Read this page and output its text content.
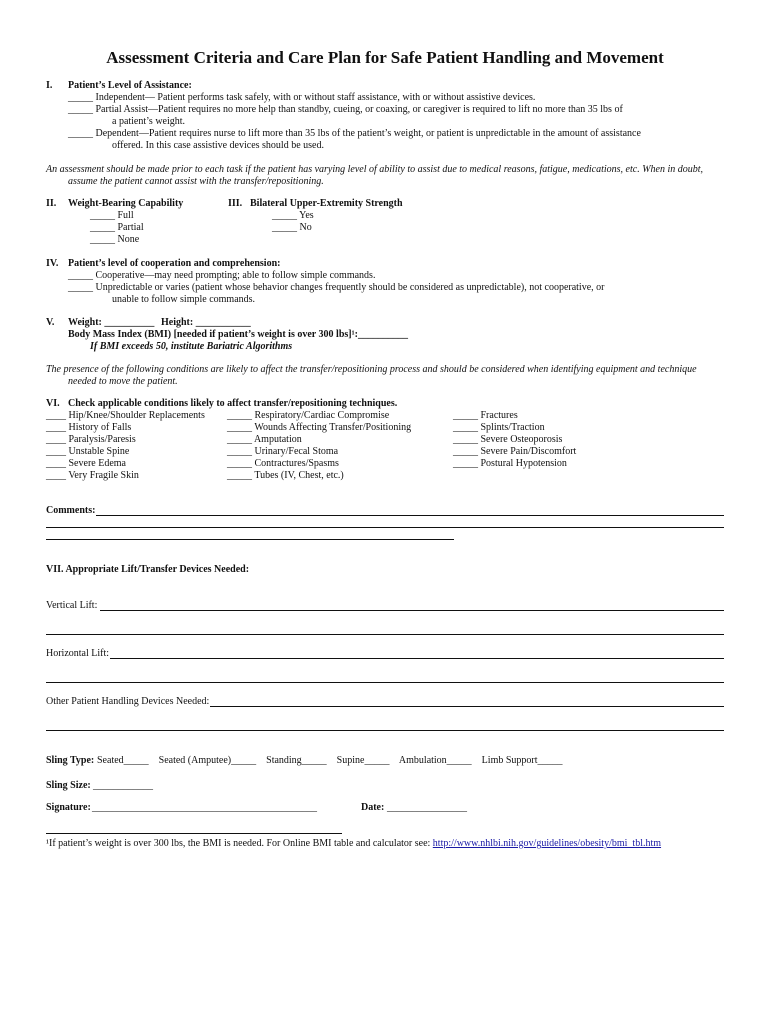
Assessment Criteria and Care Plan for Safe Patient Handling and Movement
I. Patient’s Level of Assistance:
_____ Independent— Patient performs task safely, with or without staff assistance, with or without assistive devices.
_____ Partial Assist—Patient requires no more help than standby, cueing, or coaxing, or caregiver is required to lift no more than 35 lbs of
a patient’s weight.
_____ Dependent—Patient requires nurse to lift more than 35 lbs of the patient’s weight, or patient is unpredictable in the amount of assistance
offered. In this case assistive devices should be used.
An assessment should be made prior to each task if the patient has varying level of ability to assist due to medical reasons, fatigue, medications, etc. When in doubt,
assume the patient cannot assist with the transfer/repositioning.
II. Weight-Bearing Capability
_____ Full
_____ Partial
_____ None
III. Bilateral Upper-Extremity Strength
_____ Yes
_____ No
IV. Patient’s level of cooperation and comprehension:
_____ Cooperative—may need prompting; able to follow simple commands.
_____ Unpredictable or varies (patient whose behavior changes frequently should be considered as unpredictable), not cooperative, or
unable to follow simple commands.
V. Weight: __________ Height: ___________
Body Mass Index (BMI) [needed if patient’s weight is over 300 lbs]¹:__________
If BMI exceeds 50, institute Bariatric Algorithms
The presence of the following conditions are likely to affect the transfer/repositioning process and should be considered when identifying equipment and technique
needed to move the patient.
VI. Check applicable conditions likely to affect transfer/repositioning techniques.
____ Hip/Knee/Shoulder Replacements
____ History of Falls
____ Paralysis/Paresis
____ Unstable Spine
____ Severe Edema
____ Very Fragile Skin
_____ Respiratory/Cardiac Compromise
_____ Wounds Affecting Transfer/Positioning
_____ Amputation
_____ Urinary/Fecal Stoma
_____ Contractures/Spasms
_____ Tubes (IV, Chest, etc.)
_____ Fractures
_____ Splints/Traction
_____ Severe Osteoporosis
_____ Severe Pain/Discomfort
_____ Postural Hypotension
Comments:
VII. Appropriate Lift/Transfer Devices Needed:
Vertical Lift:
Horizontal Lift:
Other Patient Handling Devices Needed:
Sling Type: Seated_____    Seated (Amputee)_____    Standing_____    Supine_____    Ambulation_____    Limb Support_____
Sling Size: ____________
Signature: _____________________________________________	Date: ________________
¹If patient’s weight is over 300 lbs, the BMI is needed. For Online BMI table and calculator see: http://www.nhlbi.nih.gov/guidelines/obesity/bmi_tbl.htm
